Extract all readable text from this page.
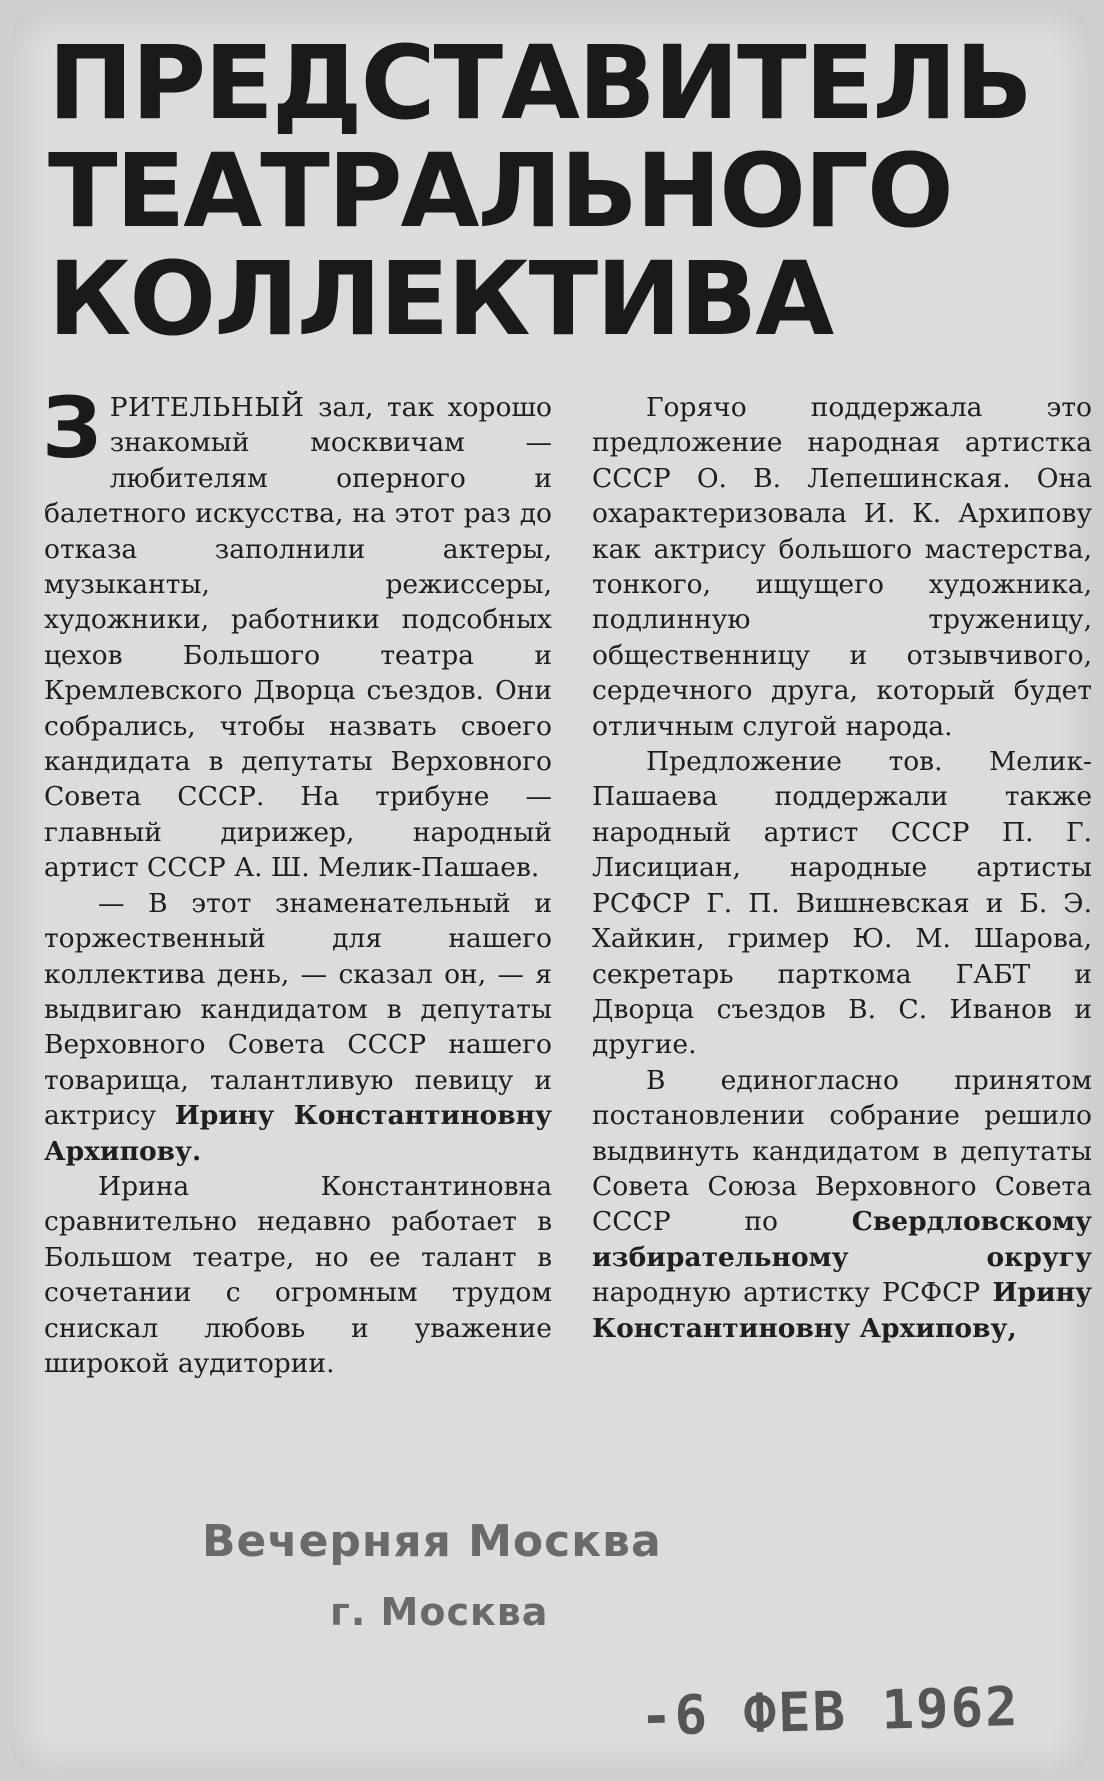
ПРЕДСТАВИТЕЛЬ
ТЕАТРАЛЬНОГО
КОЛЛЕКТИВА

ЗРИТЕЛЬНЫЙ зал, так хорошо знакомый москвичам — любителям оперного и балетного искусства, на этот раз до отказа заполнили актеры, музыканты, режиссеры, художники, работники подсобных цехов Большого театра и Кремлевского Дворца съездов. Они собрались, чтобы назвать своего кандидата в депутаты Верховного Совета СССР. На трибуне — главный дирижер, народный артист СССР А. Ш. Мелик-Пашаев.

— В этот знаменательный и торжественный для нашего коллектива день, — сказал он, — я выдвигаю кандидатом в депутаты Верховного Совета СССР нашего товарища, талантливую певицу и актрису Ирину Константиновну Архипову.

Ирина Константиновна сравнительно недавно работает в Большом театре, но ее талант в сочетании с огромным трудом снискал любовь и уважение широкой аудитории.

Горячо поддержала это предложение народная артистка СССР О. В. Лепешинская. Она охарактеризовала И. К. Архипову как актрису большого мастерства, тонкого, ищущего художника, подлинную труженицу, общественницу и отзывчивого, сердечного друга, который будет отличным слугой народа.

Предложение тов. Мелик-Пашаева поддержали также народный артист СССР П. Г. Лисициан, народные артисты РСФСР Г. П. Вишневская и Б. Э. Хайкин, гример Ю. М. Шарова, секретарь парткома ГАБТ и Дворца съездов В. С. Иванов и другие.

В единогласно принятом постановлении собрание решило выдвинуть кандидатом в депутаты Совета Союза Верховного Совета СССР по Свердловскому избирательному округу народную артистку РСФСР Ирину Константиновну Архипову,

Вечерняя Москва
г. Москва
-6 ФЕВ 1962
